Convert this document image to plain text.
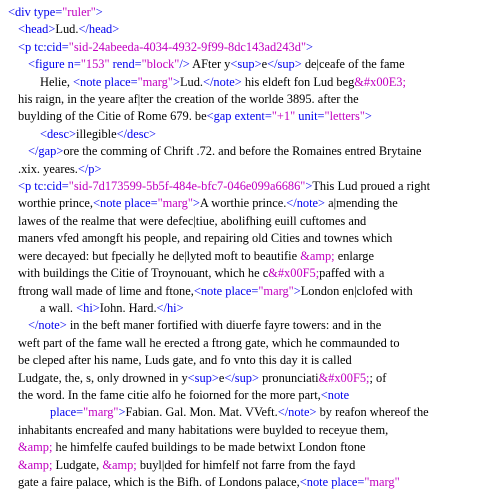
<div type="ruler">
<head>Lud.</head>
<p tc:cid="sid-24abeeda-4034-4932-9f99-8dc143ad243d">
<figure n="153" rend="block"/> AFter y<sup>e</sup> de|ceafe of the fame
Helie, <note place="marg">Lud.</note> his eldeft fon Lud beg&#x00E3;
his raign, in the yeare af|ter the creation of the worlde 3895. after the
buylding of the Citie of Rome 679. be<gap extent="+1" unit="letters">
<desc>illegible</desc>
</gap>ore the comming of Chrift .72. and before the Romaines entred Brytaine
.xix. yeares.</p>
<p tc:cid="sid-7d173599-5b5f-484e-bfc7-046e099a6686">This Lud proued a right
worthie prince,<note place="marg">A worthie prince.</note> a|mending the
lawes of the realme that were defec|tiue, abolifhing euill cuftomes and
maners vfed amongft his people, and repairing old Cities and townes which
were decayed: but fpecially he de|lyted moft to beautifie &amp; enlarge
with buildings the Citie of Troynouant, which he c&#x00F5;paffed with a
ftrong wall made of lime and ftone,<note place="marg">London en|clofed with
a wall. <hi>Iohn. Hard.</hi>
</note> in the beft maner fortified with diuerfe fayre towers: and in the
weft part of the fame wall he erected a ftrong gate, which he commaunded to
be cleped after his name, Luds gate, and fo vnto this day it is called
Ludgate, the, s, only drowned in y<sup>e</sup> pronunciati&#x00F5;; of
the word. In the fame citie alfo he foiorned for the more part,<note
place="marg">Fabian. Gal. Mon. Mat. VVeft.</note> by reafon whereof the
inhabitants encreafed and many habitations were buylded to receyue them,
&amp; he himfelfe caufed buildings to be made betwixt London ftone
&amp; Ludgate, &amp; buyl|ded for himfelf not farre from the fayd
gate a faire palace, which is the Bifh. of Londons palace,<note place="marg"
